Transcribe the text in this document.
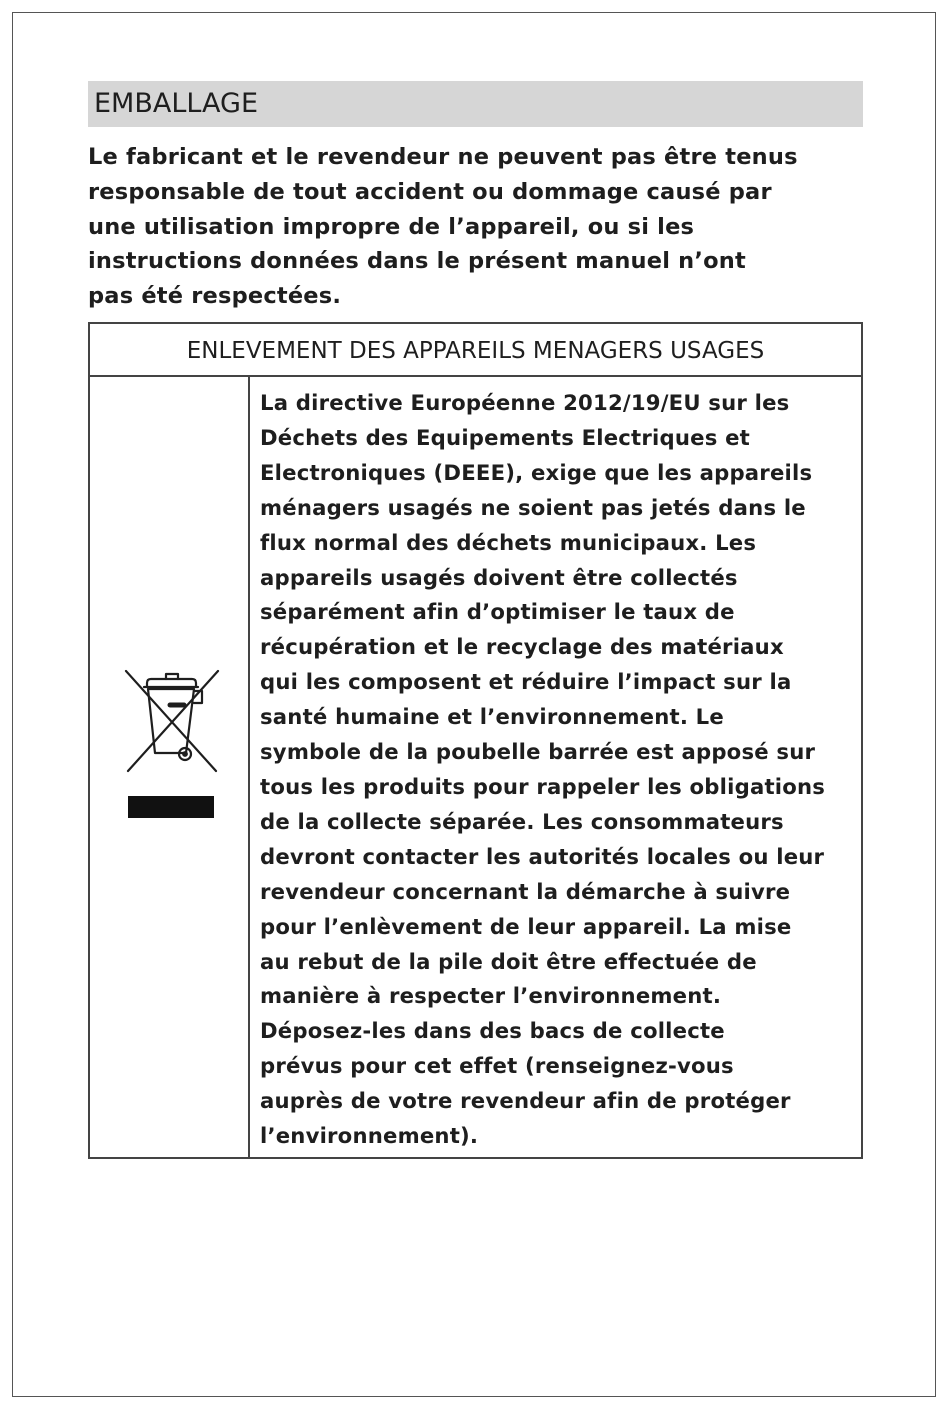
EMBALLAGE

Le fabricant et le revendeur ne peuvent pas être tenus
responsable de tout accident ou dommage causé par
une utilisation impropre de l’appareil, ou si les
instructions données dans le présent manuel n’ont
pas été respectées.

ENLEVEMENT DES APPAREILS MENAGERS USAGES

La directive Européenne 2012/19/EU sur les
Déchets des Equipements Electriques et
Electroniques (DEEE), exige que les appareils
ménagers usagés ne soient pas jetés dans le
flux normal des déchets municipaux. Les
appareils usagés doivent être collectés
séparément afin d’optimiser le taux de
récupération et le recyclage des matériaux
qui les composent et réduire l’impact sur la
santé humaine et l’environnement. Le
symbole de la poubelle barrée est apposé sur
tous les produits pour rappeler les obligations
de la collecte séparée. Les consommateurs
devront contacter les autorités locales ou leur
revendeur concernant la démarche à suivre
pour l’enlèvement de leur appareil. La mise
au rebut de la pile doit être effectuée de
manière à respecter l’environnement.
Déposez-les dans des bacs de collecte
prévus pour cet effet (renseignez-vous
auprès de votre revendeur afin de protéger
l’environnement).
